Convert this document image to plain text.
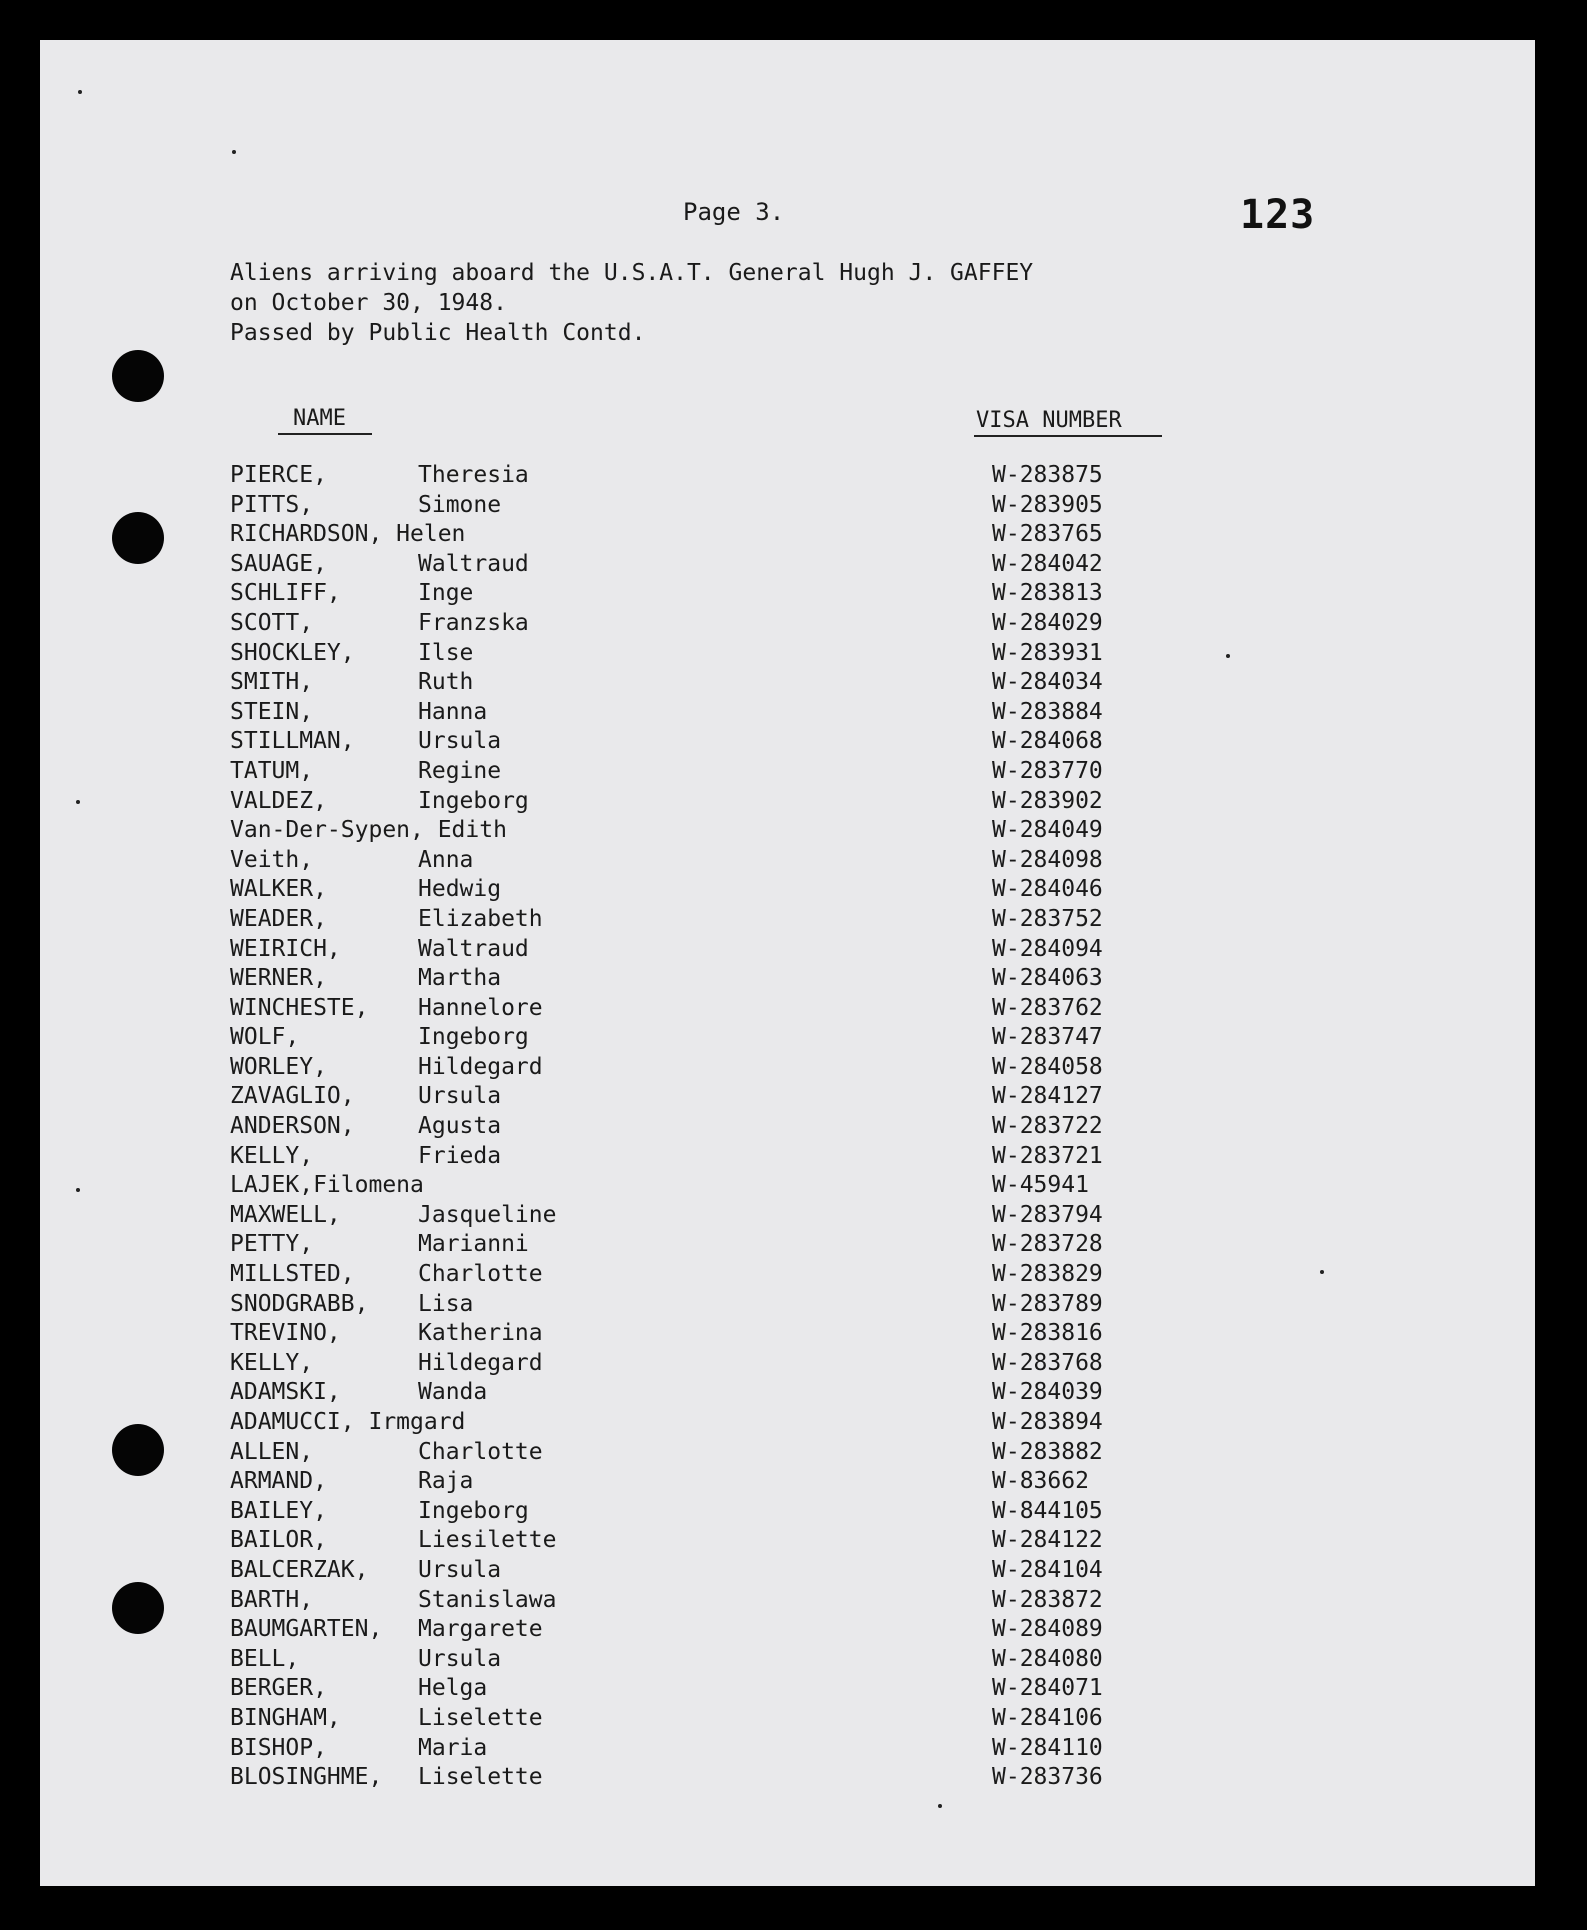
Page 3.	123
Aliens arriving aboard the U.S.A.T. General Hugh J. GAFFEY
on October 30, 1948.
Passed by Public Health Contd.
NAME	VISA NUMBER
PIERCE,	Theresia	W-283875
PITTS,	Simone	W-283905
RICHARDSON, Helen	W-283765
SAUAGE,	Waltraud	W-284042
SCHLIFF,	Inge	W-283813
SCOTT,	Franzska	W-284029
SHOCKLEY,	Ilse	W-283931
SMITH,	Ruth	W-284034
STEIN,	Hanna	W-283884
STILLMAN,	Ursula	W-284068
TATUM,	Regine	W-283770
VALDEZ,	Ingeborg	W-283902
Van-Der-Sypen, Edith	W-284049
Veith,	Anna	W-284098
WALKER,	Hedwig	W-284046
WEADER,	Elizabeth	W-283752
WEIRICH,	Waltraud	W-284094
WERNER,	Martha	W-284063
WINCHESTE, Hannelore	W-283762
WOLF,	Ingeborg	W-283747
WORLEY,	Hildegard	W-284058
ZAVAGLIO,	Ursula	W-284127
ANDERSON,	Agusta	W-283722
KELLY,	Frieda	W-283721
LAJEK,Filomena	W-45941
MAXWELL,	Jasqueline	W-283794
PETTY,	Marianni	W-283728
MILLSTED,	Charlotte	W-283829
SNODGRABB, Lisa	W-283789
TREVINO,	Katherina	W-283816
KELLY,	Hildegard	W-283768
ADAMSKI,	Wanda	W-284039
ADAMUCCI, Irmgard	W-283894
ALLEN,	Charlotte	W-283882
ARMAND,	Raja	W-83662
BAILEY,	Ingeborg	W-844105
BAILOR,	Liesilette	W-284122
BALCERZAK, Ursula	W-284104
BARTH,	Stanislawa	W-283872
BAUMGARTEN, Margarete	W-284089
BELL,	Ursula	W-284080
BERGER,	Helga	W-284071
BINGHAM,	Liselette	W-284106
BISHOP,	Maria	W-284110
BLOSINGHME, Liselette	W-283736
